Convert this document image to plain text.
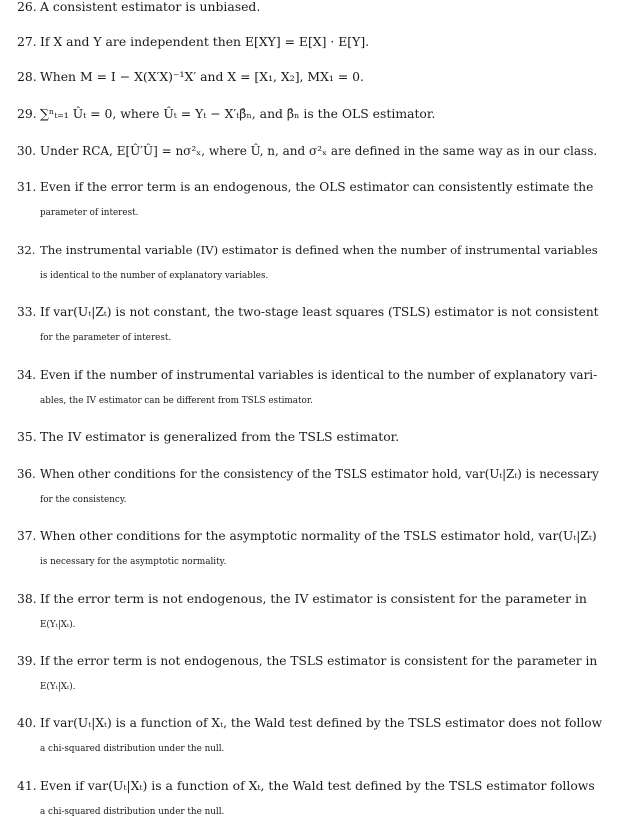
26. A consistent estimator is unbiased.
27. If X and Y are independent then E[XY] = E[X] · E[Y].
28. When M = I − X(X′X)⁻¹X′ and X = [X₁, X₂], MX₁ = 0.
29. ∑ⁿₜ₌₁ Ûₜ = 0, where Ûₜ = Yₜ − X′ₜβ̂ₙ, and β̂ₙ is the OLS estimator.
30. Under RCA, E[Û′Û] = nσ²ₓ, where Û, n, and σ²ₓ are defined in the same way as in our class.
31. Even if the error term is an endogenous, the OLS estimator can consistently estimate the
parameter of interest.
32. The instrumental variable (IV) estimator is defined when the number of instrumental variables
is identical to the number of explanatory variables.
33. If var(Uₜ|Zₜ) is not constant, the two-stage least squares (TSLS) estimator is not consistent
for the parameter of interest.
34. Even if the number of instrumental variables is identical to the number of explanatory vari-
ables, the IV estimator can be different from TSLS estimator.
35. The IV estimator is generalized from the TSLS estimator.
36. When other conditions for the consistency of the TSLS estimator hold, var(Uₜ|Zₜ) is necessary
for the consistency.
37. When other conditions for the asymptotic normality of the TSLS estimator hold, var(Uₜ|Zₜ)
is necessary for the asymptotic normality.
38. If the error term is not endogenous, the IV estimator is consistent for the parameter in
E(Yₜ|Xₜ).
39. If the error term is not endogenous, the TSLS estimator is consistent for the parameter in
E(Yₜ|Xₜ).
40. If var(Uₜ|Xₜ) is a function of Xₜ, the Wald test defined by the TSLS estimator does not follow
a chi-squared distribution under the null.
41. Even if var(Uₜ|Xₜ) is a function of Xₜ, the Wald test defined by the TSLS estimator follows
a chi-squared distribution under the null.
